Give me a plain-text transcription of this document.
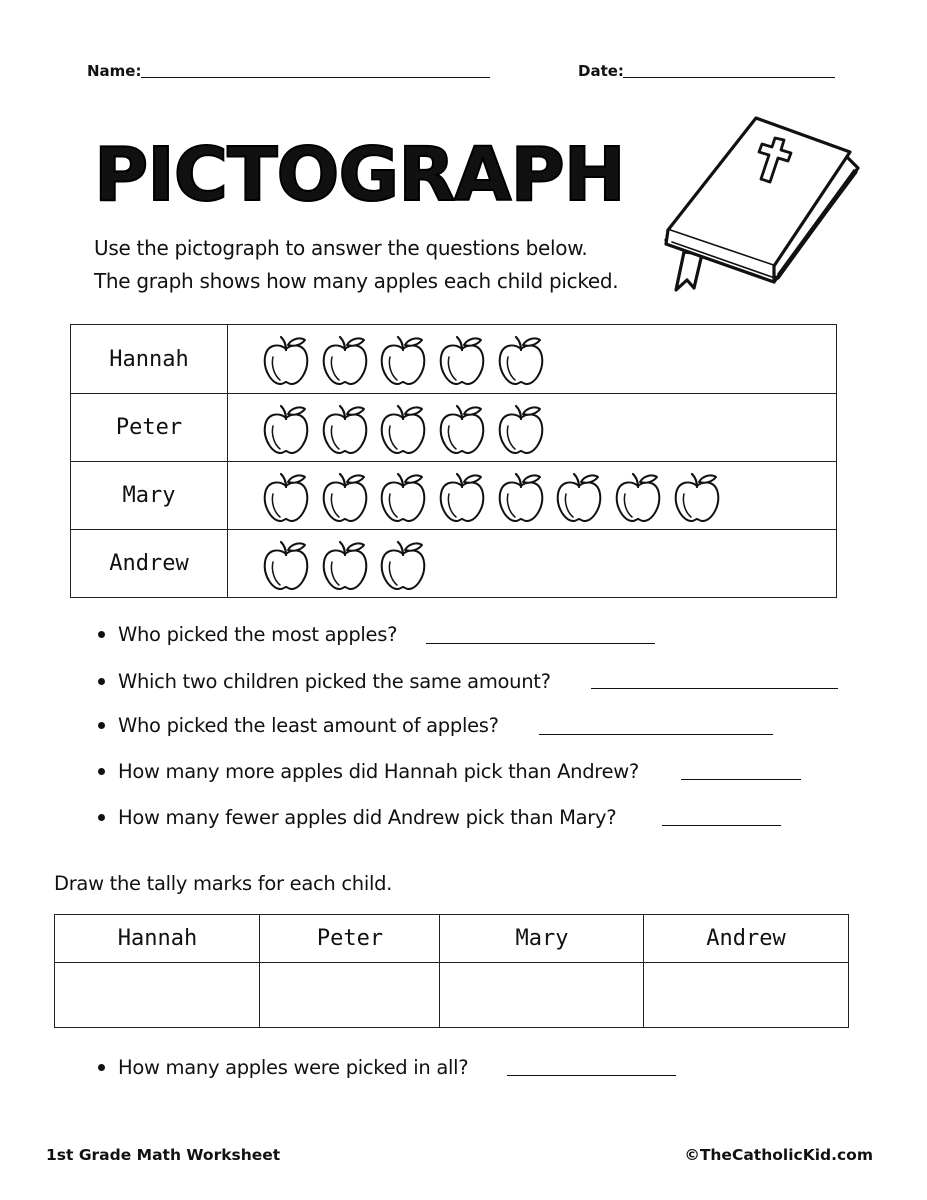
Name:	Date:
PICTOGRAPH
Use the pictograph to answer the questions below.
The graph shows how many apples each child picked.
Hannah
Peter
Mary
Andrew
Who picked the most apples?
Which two children picked the same amount?
Who picked the least amount of apples?
How many more apples did Hannah pick than Andrew?
How many fewer apples did Andrew pick than Mary?
Draw the tally marks for each child.
Hannah	Peter	Mary	Andrew
How many apples were picked in all?
1st Grade Math Worksheet	©TheCatholicKid.com
